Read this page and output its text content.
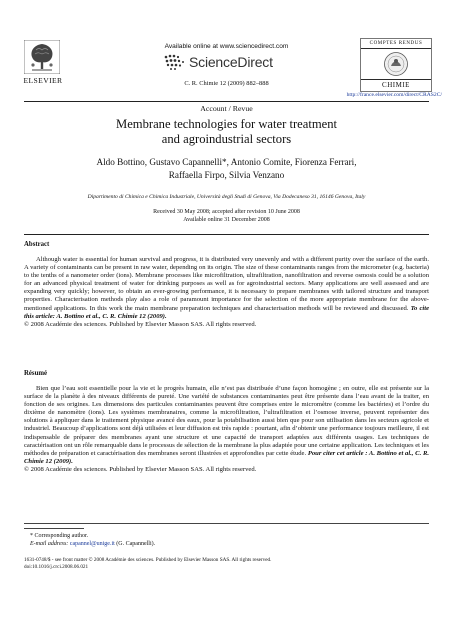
ELSEVIER
Available online at www.sciencedirect.com
ScienceDirect
C. R. Chimie 12 (2009) 882–888
COMPTES RENDUS
CHIMIE
http://france.elsevier.com/direct/CRAS2C/
Account / Revue
Membrane technologies for water treatment
and agroindustrial sectors
Aldo Bottino, Gustavo Capannelli*, Antonio Comite, Fiorenza Ferrari,
Raffaella Firpo, Silvia Venzano
Dipartimento di Chimica e Chimica Industriale, Università degli Studi di Genova, Via Dodecaneso 31, 16146 Genova, Italy
Received 30 May 2008; accepted after revision 10 June 2008
Available online 31 December 2008
Abstract
Although water is essential for human survival and progress, it is distributed very unevenly and with a different purity over the surface of the earth. A variety of contaminants can be present in raw water, depending on its origin. The size of these contaminants ranges from the micrometer (e.g. bacteria) to the tenths of a nanometer order (ions). Membrane processes like microfiltration, ultrafiltration, nanofiltration and reverse osmosis could be a solution for an advanced physical treatment of water for drinking purposes as well as for agroindustrial sectors. Many applications are well assessed and are expanding very quickly; however, to obtain an ever-growing performance, it is necessary to prepare membranes with tailored structure and transport properties. Characterisation methods play also a role of paramount importance for the selection of the more appropriate membrane for the above-mentioned applications. In this work the main membrane preparation techniques and characterisation methods will be reviewed and discussed. To cite this article: A. Bottino et al., C. R. Chimie 12 (2009).
© 2008 Académie des sciences. Published by Elsevier Masson SAS. All rights reserved.
Résumé
Bien que l’eau soit essentielle pour la vie et le progrès humain, elle n’est pas distribuée d’une façon homogène ; en outre, elle est présente sur la surface de la planète à des niveaux différents de pureté. Une variété de substances contaminantes peut être présente dans l’eau avant de la traiter, en fonction de ses origines. Les dimensions des particules contaminantes peuvent être comprises entre le micromètre (comme les bactéries) et l’ordre du dixième de nanomètre (ions). Les systèmes membranaires, comme la microfiltration, l’ultrafiltration et l’osmose inverse, peuvent représenter des solutions à appliquer dans le traitement physique avancé des eaux, pour la potabilisation aussi bien que pour son utilisation dans les secteurs agricole et industriel. Beaucoup d’applications sont déjà utilisées et leur diffusion est très rapide : pourtant, afin d’obtenir une performance toujours meilleure, il est indispensable de préparer des membranes ayant une structure et une capacité de transport adaptées aux différents usages. Les techniques de caractérisation ont un rôle remarquable dans le processus de sélection de la membrane la plus adaptée pour une certaine application. Les techniques et les méthodes de préparation et caractérisation des membranes seront illustrées et approfondies par cette étude. Pour citer cet article : A. Bottino et al., C. R. Chimie 12 (2009).
© 2008 Académie des sciences. Published by Elsevier Masson SAS. All rights reserved.
* Corresponding author.
E-mail address: capannel@unige.it (G. Capannelli).
1631-0748/$ - see front matter © 2008 Académie des sciences. Published by Elsevier Masson SAS. All rights reserved.
doi:10.1016/j.crci.2008.06.021
